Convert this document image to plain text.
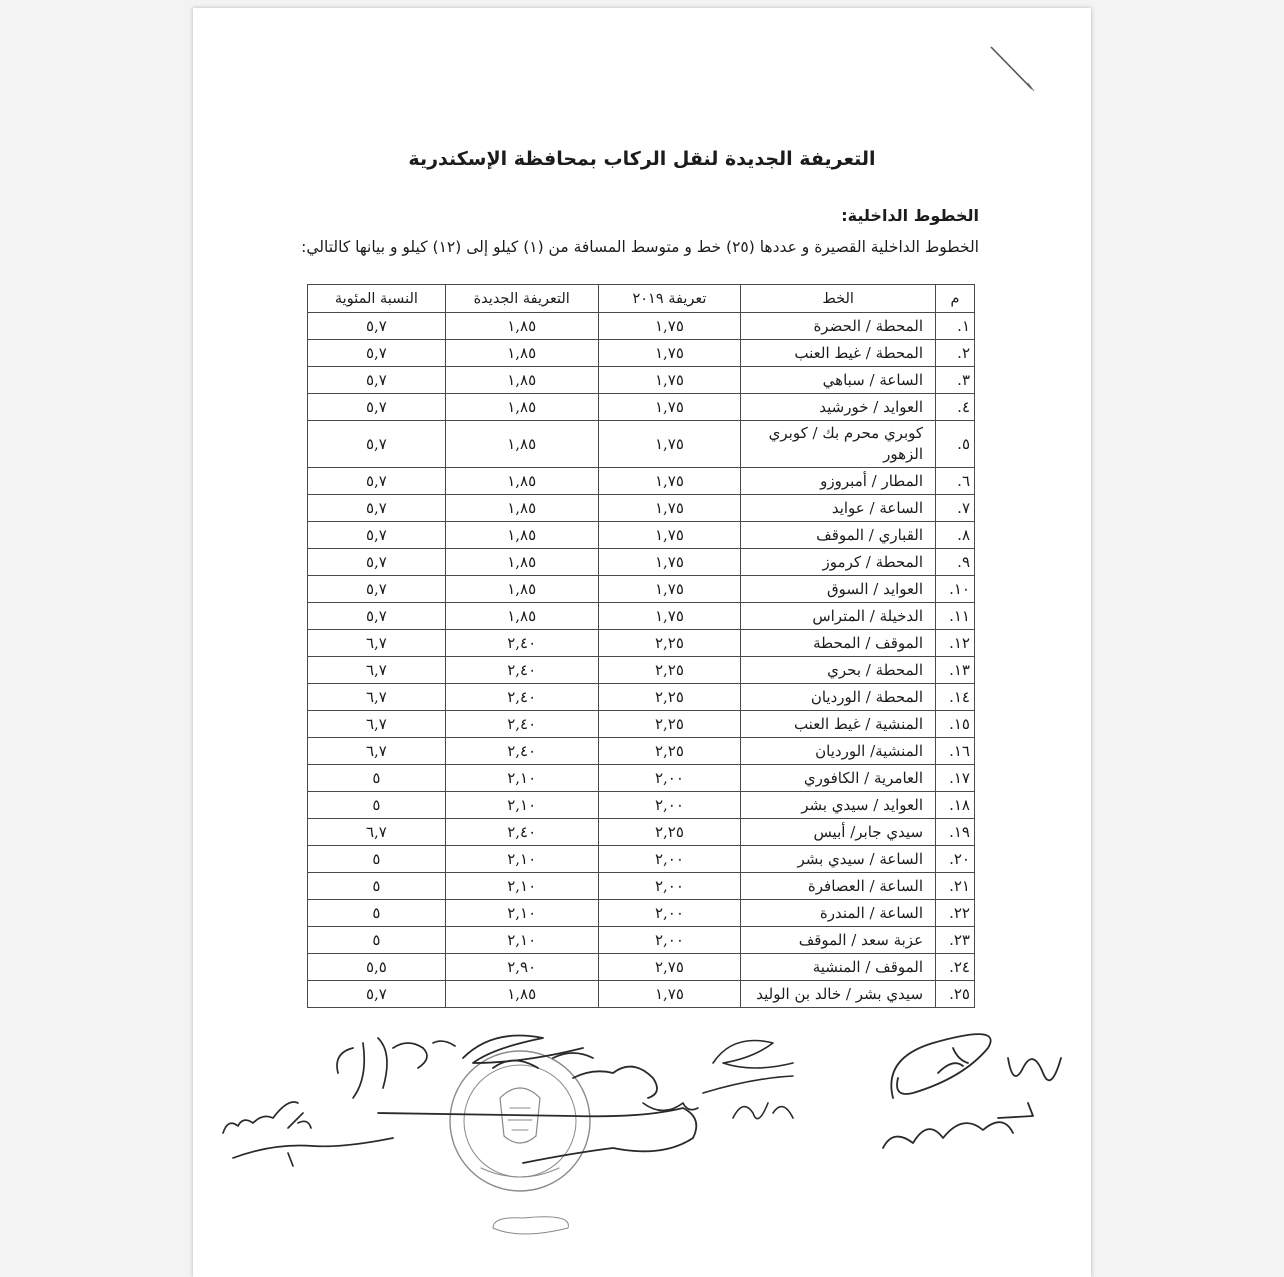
التعريفة الجديدة لنقل الركاب بمحافظة الإسكندرية
الخطوط الداخلية:
الخطوط الداخلية القصيرة و عددها (٢٥) خط و متوسط المسافة من (١) كيلو إلى (١٢) كيلو و بيانها كالتالي:
م	الخط	تعريفة ٢٠١٩	التعريفة الجديدة	النسبة المئوية
١.	المحطة / الحضرة	١,٧٥	١,٨٥	٥,٧
٢.	المحطة / غيط العنب	١,٧٥	١,٨٥	٥,٧
٣.	الساعة / سباهي	١,٧٥	١,٨٥	٥,٧
٤.	العوايد / خورشيد	١,٧٥	١,٨٥	٥,٧
٥.	كوبري محرم بك / كوبري الزهور	١,٧٥	١,٨٥	٥,٧
٦.	المطار / أمبروزو	١,٧٥	١,٨٥	٥,٧
٧.	الساعة / عوايد	١,٧٥	١,٨٥	٥,٧
٨.	القباري / الموقف	١,٧٥	١,٨٥	٥,٧
٩.	المحطة / كرموز	١,٧٥	١,٨٥	٥,٧
١٠.	العوايد / السوق	١,٧٥	١,٨٥	٥,٧
١١.	الدخيلة / المتراس	١,٧٥	١,٨٥	٥,٧
١٢.	الموقف / المحطة	٢,٢٥	٢,٤٠	٦,٧
١٣.	المحطة / بحري	٢,٢٥	٢,٤٠	٦,٧
١٤.	المحطة / الورديان	٢,٢٥	٢,٤٠	٦,٧
١٥.	المنشية / غيط العنب	٢,٢٥	٢,٤٠	٦,٧
١٦.	المنشية/ الورديان	٢,٢٥	٢,٤٠	٦,٧
١٧.	العامرية / الكافوري	٢,٠٠	٢,١٠	٥
١٨.	العوايد / سيدي بشر	٢,٠٠	٢,١٠	٥
١٩.	سيدي جابر/ أبيس	٢,٢٥	٢,٤٠	٦,٧
٢٠.	الساعة / سيدي بشر	٢,٠٠	٢,١٠	٥
٢١.	الساعة / العصافرة	٢,٠٠	٢,١٠	٥
٢٢.	الساعة / المندرة	٢,٠٠	٢,١٠	٥
٢٣.	عزبة سعد / الموقف	٢,٠٠	٢,١٠	٥
٢٤.	الموقف / المنشية	٢,٧٥	٢,٩٠	٥,٥
٢٥.	سيدي بشر / خالد بن الوليد	١,٧٥	١,٨٥	٥,٧
